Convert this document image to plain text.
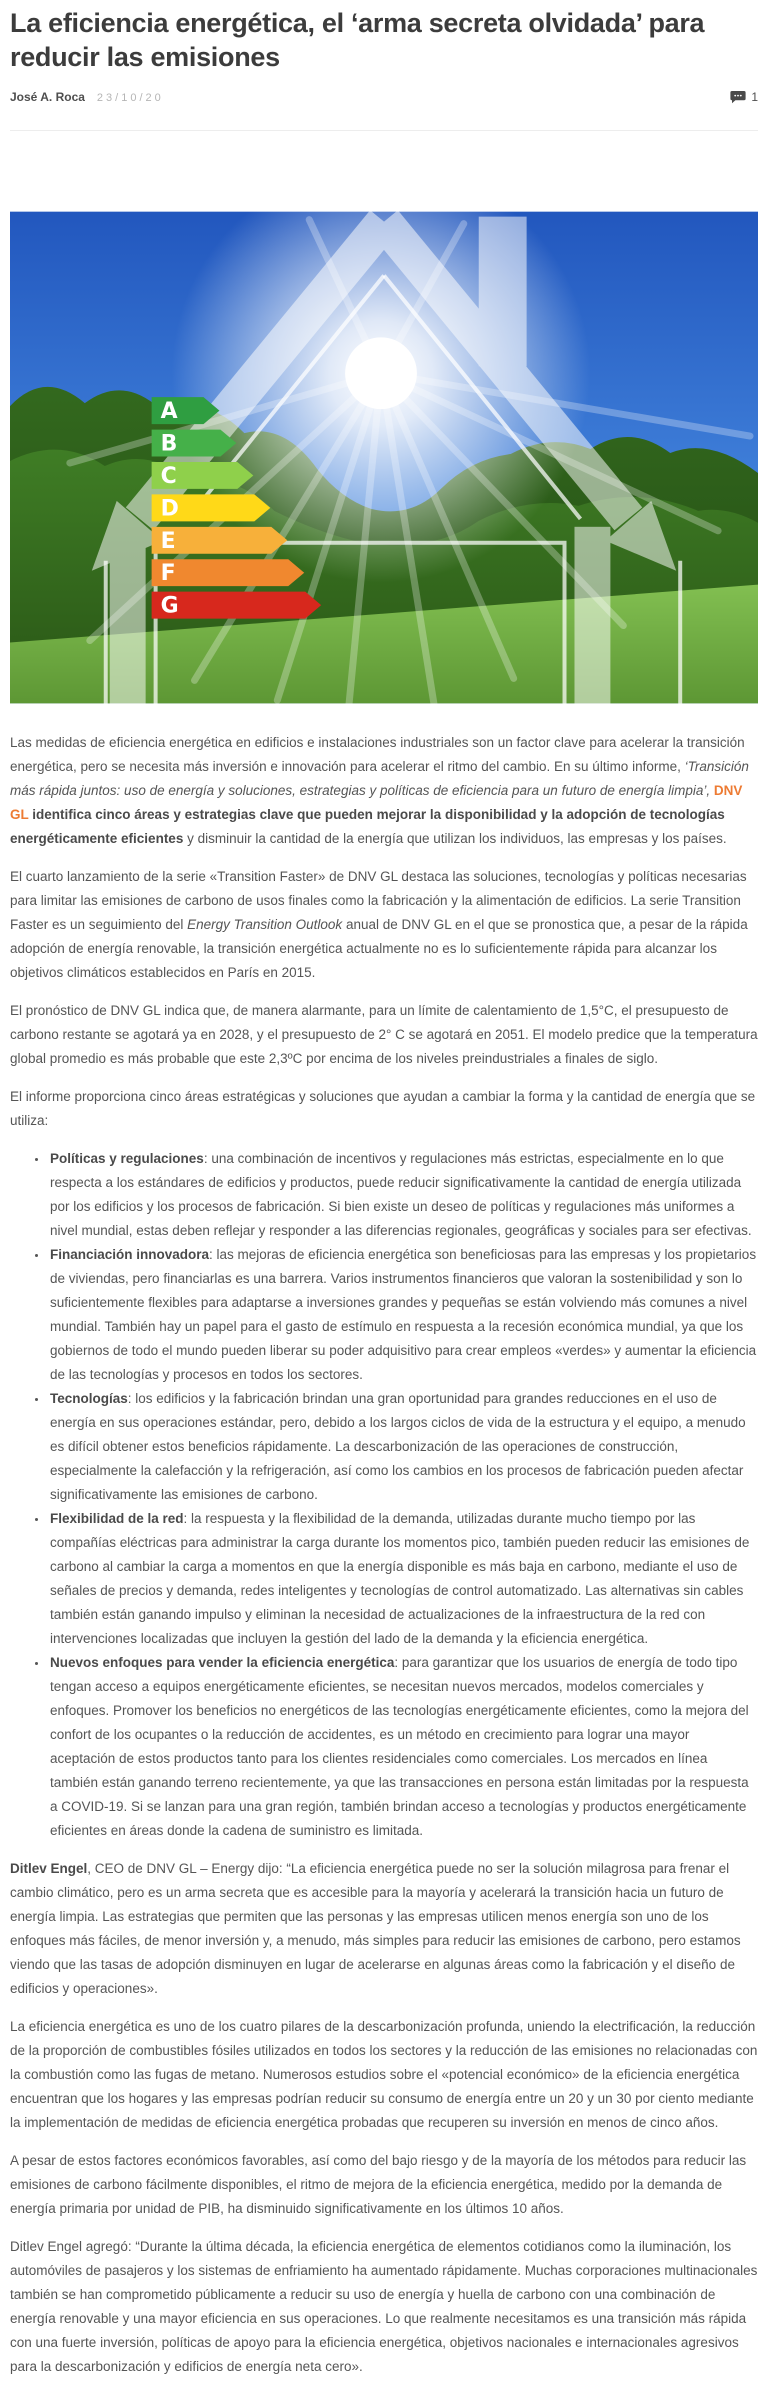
La eficiencia energética, el ‘arma secreta olvidada’ para reducir las emisiones
José A. Roca 23/10/20	1
A
B
C
D
E
F
G

Las medidas de eficiencia energética en edificios e instalaciones industriales son un factor clave para acelerar la transición energética, pero se necesita más inversión e innovación para acelerar el ritmo del cambio. En su último informe, ‘Transición más rápida juntos: uso de energía y soluciones, estrategias y políticas de eficiencia para un futuro de energía limpia’, DNV GL identifica cinco áreas y estrategias clave que pueden mejorar la disponibilidad y la adopción de tecnologías energéticamente eficientes y disminuir la cantidad de la energía que utilizan los individuos, las empresas y los países.

El cuarto lanzamiento de la serie «Transition Faster» de DNV GL destaca las soluciones, tecnologías y políticas necesarias para limitar las emisiones de carbono de usos finales como la fabricación y la alimentación de edificios. La serie Transition Faster es un seguimiento del Energy Transition Outlook anual de DNV GL en el que se pronostica que, a pesar de la rápida adopción de energía renovable, la transición energética actualmente no es lo suficientemente rápida para alcanzar los objetivos climáticos establecidos en París en 2015.

El pronóstico de DNV GL indica que, de manera alarmante, para un límite de calentamiento de 1,5°C, el presupuesto de carbono restante se agotará ya en 2028, y el presupuesto de 2° C se agotará en 2051. El modelo predice que la temperatura global promedio es más probable que este 2,3ºC por encima de los niveles preindustriales a finales de siglo.

El informe proporciona cinco áreas estratégicas y soluciones que ayudan a cambiar la forma y la cantidad de energía que se utiliza:

• Políticas y regulaciones: una combinación de incentivos y regulaciones más estrictas, especialmente en lo que respecta a los estándares de edificios y productos, puede reducir significativamente la cantidad de energía utilizada por los edificios y los procesos de fabricación. Si bien existe un deseo de políticas y regulaciones más uniformes a nivel mundial, estas deben reflejar y responder a las diferencias regionales, geográficas y sociales para ser efectivas.
• Financiación innovadora: las mejoras de eficiencia energética son beneficiosas para las empresas y los propietarios de viviendas, pero financiarlas es una barrera. Varios instrumentos financieros que valoran la sostenibilidad y son lo suficientemente flexibles para adaptarse a inversiones grandes y pequeñas se están volviendo más comunes a nivel mundial. También hay un papel para el gasto de estímulo en respuesta a la recesión económica mundial, ya que los gobiernos de todo el mundo pueden liberar su poder adquisitivo para crear empleos «verdes» y aumentar la eficiencia de las tecnologías y procesos en todos los sectores.
• Tecnologías: los edificios y la fabricación brindan una gran oportunidad para grandes reducciones en el uso de energía en sus operaciones estándar, pero, debido a los largos ciclos de vida de la estructura y el equipo, a menudo es difícil obtener estos beneficios rápidamente. La descarbonización de las operaciones de construcción, especialmente la calefacción y la refrigeración, así como los cambios en los procesos de fabricación pueden afectar significativamente las emisiones de carbono.
• Flexibilidad de la red: la respuesta y la flexibilidad de la demanda, utilizadas durante mucho tiempo por las compañías eléctricas para administrar la carga durante los momentos pico, también pueden reducir las emisiones de carbono al cambiar la carga a momentos en que la energía disponible es más baja en carbono, mediante el uso de señales de precios y demanda, redes inteligentes y tecnologías de control automatizado. Las alternativas sin cables también están ganando impulso y eliminan la necesidad de actualizaciones de la infraestructura de la red con intervenciones localizadas que incluyen la gestión del lado de la demanda y la eficiencia energética.
• Nuevos enfoques para vender la eficiencia energética: para garantizar que los usuarios de energía de todo tipo tengan acceso a equipos energéticamente eficientes, se necesitan nuevos mercados, modelos comerciales y enfoques. Promover los beneficios no energéticos de las tecnologías energéticamente eficientes, como la mejora del confort de los ocupantes o la reducción de accidentes, es un método en crecimiento para lograr una mayor aceptación de estos productos tanto para los clientes residenciales como comerciales. Los mercados en línea también están ganando terreno recientemente, ya que las transacciones en persona están limitadas por la respuesta a COVID-19. Si se lanzan para una gran región, también brindan acceso a tecnologías y productos energéticamente eficientes en áreas donde la cadena de suministro es limitada.

Ditlev Engel, CEO de DNV GL – Energy dijo: “La eficiencia energética puede no ser la solución milagrosa para frenar el cambio climático, pero es un arma secreta que es accesible para la mayoría y acelerará la transición hacia un futuro de energía limpia. Las estrategias que permiten que las personas y las empresas utilicen menos energía son uno de los enfoques más fáciles, de menor inversión y, a menudo, más simples para reducir las emisiones de carbono, pero estamos viendo que las tasas de adopción disminuyen en lugar de acelerarse en algunas áreas como la fabricación y el diseño de edificios y operaciones».

La eficiencia energética es uno de los cuatro pilares de la descarbonización profunda, uniendo la electrificación, la reducción de la proporción de combustibles fósiles utilizados en todos los sectores y la reducción de las emisiones no relacionadas con la combustión como las fugas de metano. Numerosos estudios sobre el «potencial económico» de la eficiencia energética encuentran que los hogares y las empresas podrían reducir su consumo de energía entre un 20 y un 30 por ciento mediante la implementación de medidas de eficiencia energética probadas que recuperen su inversión en menos de cinco años.

A pesar de estos factores económicos favorables, así como del bajo riesgo y de la mayoría de los métodos para reducir las emisiones de carbono fácilmente disponibles, el ritmo de mejora de la eficiencia energética, medido por la demanda de energía primaria por unidad de PIB, ha disminuido significativamente en los últimos 10 años.

Ditlev Engel agregó: “Durante la última década, la eficiencia energética de elementos cotidianos como la iluminación, los automóviles de pasajeros y los sistemas de enfriamiento ha aumentado rápidamente. Muchas corporaciones multinacionales también se han comprometido públicamente a reducir su uso de energía y huella de carbono con una combinación de energía renovable y una mayor eficiencia en sus operaciones. Lo que realmente necesitamos es una transición más rápida con una fuerte inversión, políticas de apoyo para la eficiencia energética, objetivos nacionales e internacionales agresivos para la descarbonización y edificios de energía neta cero».
